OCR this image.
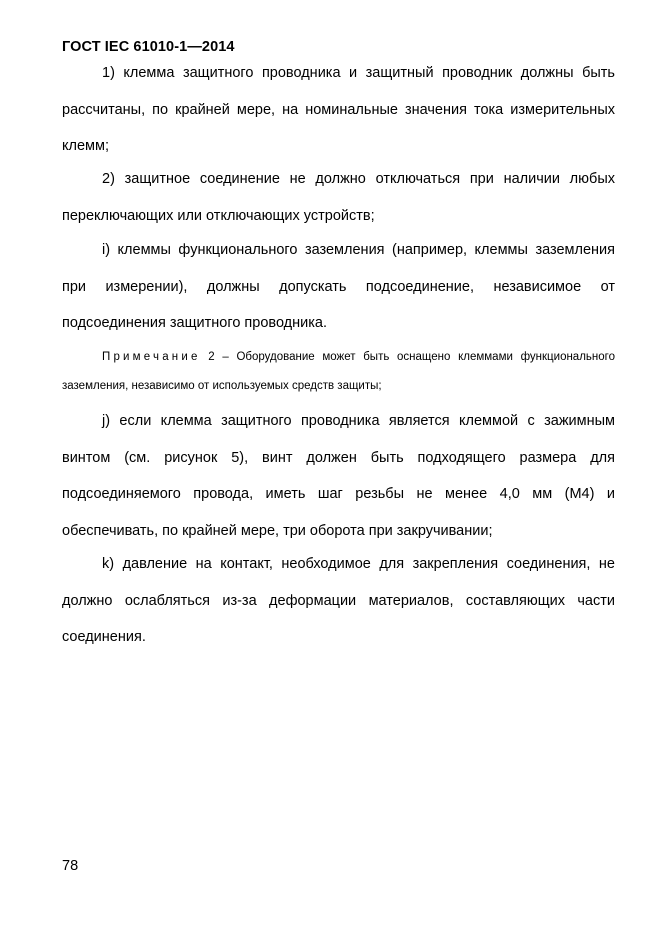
ГОСТ IEC 61010-1—2014

1) клемма защитного проводника и защитный проводник должны быть рассчитаны, по крайней мере, на номинальные значения тока измерительных клемм;

2) защитное соединение не должно отключаться при наличии любых переключающих или отключающих устройств;

i) клеммы функционального заземления (например, клеммы заземления при измерении), должны допускать подсоединение, независимое от подсоединения защитного проводника.

Примечание 2 – Оборудование может быть оснащено клеммами функционального заземления, независимо от используемых средств защиты;

j) если клемма защитного проводника является клеммой с зажимным винтом (см. рисунок 5), винт должен быть подходящего размера для подсоединяемого провода, иметь шаг резьбы не менее 4,0 мм (М4) и обеспечивать, по крайней мере, три оборота при закручивании;

k) давление на контакт, необходимое для закрепления соединения, не должно ослабляться из-за деформации материалов, составляющих части соединения.

78
